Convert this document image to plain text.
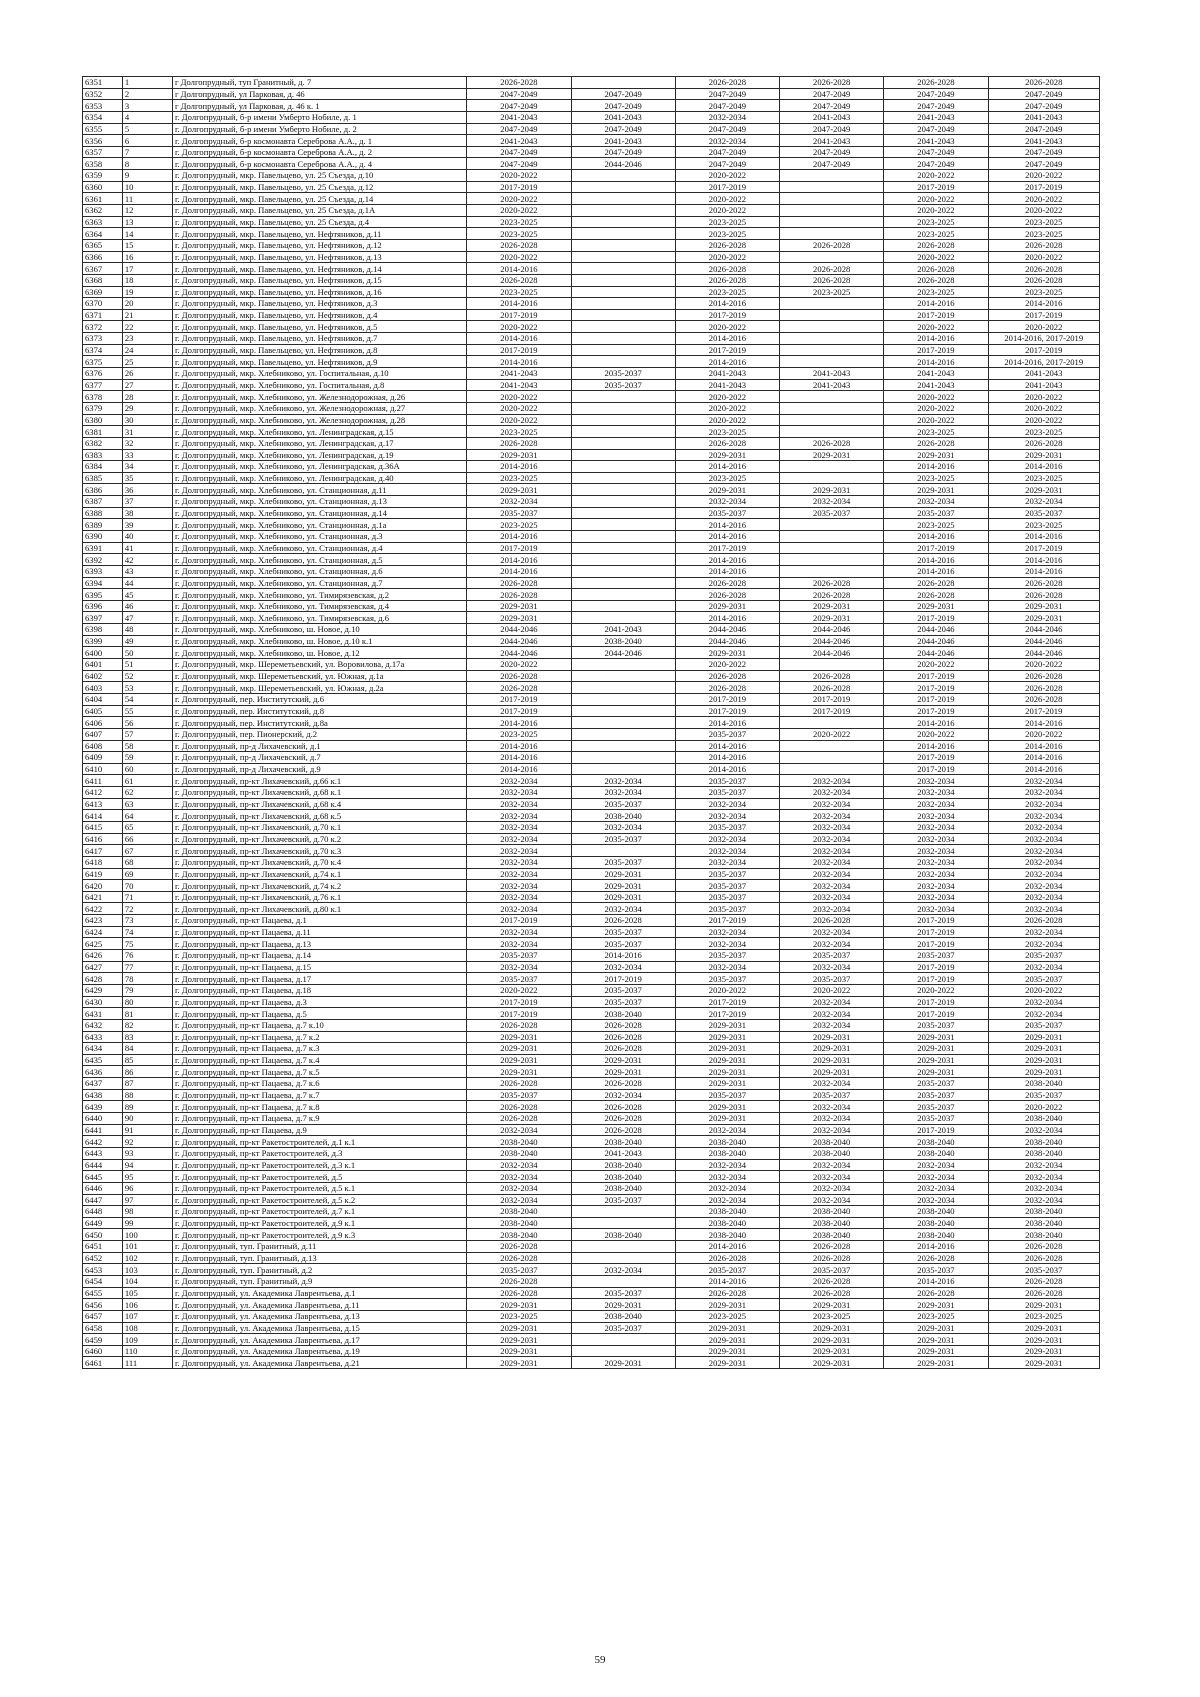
6351	1	г Долгопрудный, туп Гранитный, д. 7	2026-2028		2026-2028	2026-2028	2026-2028	2026-2028
6352	2	г Долгопрудный, ул Парковая, д. 46	2047-2049	2047-2049	2047-2049	2047-2049	2047-2049	2047-2049
6353	3	г Долгопрудный, ул Парковая, д. 46 к. 1	2047-2049	2047-2049	2047-2049	2047-2049	2047-2049	2047-2049
6354	4	г. Долгопрудный, б-р имени Умберто Нобиле, д. 1	2041-2043	2041-2043	2032-2034	2041-2043	2041-2043	2041-2043
6355	5	г. Долгопрудный, б-р имени Умберто Нобиле, д. 2	2047-2049	2047-2049	2047-2049	2047-2049	2047-2049	2047-2049
6356	6	г. Долгопрудный, б-р космонавта Сереброва А.А., д. 1	2041-2043	2041-2043	2032-2034	2041-2043	2041-2043	2041-2043
6357	7	г. Долгопрудный, б-р космонавта Сереброва А.А., д. 2	2047-2049	2047-2049	2047-2049	2047-2049	2047-2049	2047-2049
6358	8	г. Долгопрудный, б-р космонавта Сереброва А.А., д. 4	2047-2049	2044-2046	2047-2049	2047-2049	2047-2049	2047-2049
6359	9	г. Долгопрудный, мкр. Павельцево, ул. 25 Съезда, д.10	2020-2022		2020-2022		2020-2022	2020-2022
6360	10	г. Долгопрудный, мкр. Павельцево, ул. 25 Съезда, д.12	2017-2019		2017-2019		2017-2019	2017-2019
6361	11	г. Долгопрудный, мкр. Павельцево, ул. 25 Съезда, д.14	2020-2022		2020-2022		2020-2022	2020-2022
6362	12	г. Долгопрудный, мкр. Павельцево, ул. 25 Съезда, д.1А	2020-2022		2020-2022		2020-2022	2020-2022
6363	13	г. Долгопрудный, мкр. Павельцево, ул. 25 Съезда, д.4	2023-2025		2023-2025		2023-2025	2023-2025
6364	14	г. Долгопрудный, мкр. Павельцево, ул. Нефтяников, д.11	2023-2025		2023-2025		2023-2025	2023-2025
6365	15	г. Долгопрудный, мкр. Павельцево, ул. Нефтяников, д.12	2026-2028		2026-2028	2026-2028	2026-2028	2026-2028
6366	16	г. Долгопрудный, мкр. Павельцево, ул. Нефтяников, д.13	2020-2022		2020-2022		2020-2022	2020-2022
6367	17	г. Долгопрудный, мкр. Павельцево, ул. Нефтяников, д.14	2014-2016		2026-2028	2026-2028	2026-2028	2026-2028
6368	18	г. Долгопрудный, мкр. Павельцево, ул. Нефтяников, д.15	2026-2028		2026-2028	2026-2028	2026-2028	2026-2028
6369	19	г. Долгопрудный, мкр. Павельцево, ул. Нефтяников, д.16	2023-2025		2023-2025	2023-2025	2023-2025	2023-2025
6370	20	г. Долгопрудный, мкр. Павельцево, ул. Нефтяников, д.3	2014-2016		2014-2016		2014-2016	2014-2016
6371	21	г. Долгопрудный, мкр. Павельцево, ул. Нефтяников, д.4	2017-2019		2017-2019		2017-2019	2017-2019
6372	22	г. Долгопрудный, мкр. Павельцево, ул. Нефтяников, д.5	2020-2022		2020-2022		2020-2022	2020-2022
6373	23	г. Долгопрудный, мкр. Павельцево, ул. Нефтяников, д.7	2014-2016		2014-2016		2014-2016	2014-2016, 2017-2019
6374	24	г. Долгопрудный, мкр. Павельцево, ул. Нефтяников, д.8	2017-2019		2017-2019		2017-2019	2017-2019
6375	25	г. Долгопрудный, мкр. Павельцево, ул. Нефтяников, д.9	2014-2016		2014-2016		2014-2016	2014-2016, 2017-2019
6376	26	г. Долгопрудный, мкр. Хлебниково, ул. Госпитальная, д.10	2041-2043	2035-2037	2041-2043	2041-2043	2041-2043	2041-2043
6377	27	г. Долгопрудный, мкр. Хлебниково, ул. Госпитальная, д.8	2041-2043	2035-2037	2041-2043	2041-2043	2041-2043	2041-2043
6378	28	г. Долгопрудный, мкр. Хлебниково, ул. Железнодорожная, д.26	2020-2022		2020-2022		2020-2022	2020-2022
6379	29	г. Долгопрудный, мкр. Хлебниково, ул. Железнодорожная, д.27	2020-2022		2020-2022		2020-2022	2020-2022
6380	30	г. Долгопрудный, мкр. Хлебниково, ул. Железнодорожная, д.28	2020-2022		2020-2022		2020-2022	2020-2022
6381	31	г. Долгопрудный, мкр. Хлебниково, ул. Ленинградская, д.15	2023-2025		2023-2025		2023-2025	2023-2025
6382	32	г. Долгопрудный, мкр. Хлебниково, ул. Ленинградская, д.17	2026-2028		2026-2028	2026-2028	2026-2028	2026-2028
6383	33	г. Долгопрудный, мкр. Хлебниково, ул. Ленинградская, д.19	2029-2031		2029-2031	2029-2031	2029-2031	2029-2031
6384	34	г. Долгопрудный, мкр. Хлебниково, ул. Ленинградская, д.36А	2014-2016		2014-2016		2014-2016	2014-2016
6385	35	г. Долгопрудный, мкр. Хлебниково, ул. Ленинградская, д.40	2023-2025		2023-2025		2023-2025	2023-2025
6386	36	г. Долгопрудный, мкр. Хлебниково, ул. Станционная, д.11	2029-2031		2029-2031	2029-2031	2029-2031	2029-2031
6387	37	г. Долгопрудный, мкр. Хлебниково, ул. Станционная, д.13	2032-2034		2032-2034	2032-2034	2032-2034	2032-2034
6388	38	г. Долгопрудный, мкр. Хлебниково, ул. Станционная, д.14	2035-2037		2035-2037	2035-2037	2035-2037	2035-2037
6389	39	г. Долгопрудный, мкр. Хлебниково, ул. Станционная, д.1а	2023-2025		2014-2016		2023-2025	2023-2025
6390	40	г. Долгопрудный, мкр. Хлебниково, ул. Станционная, д.3	2014-2016		2014-2016		2014-2016	2014-2016
6391	41	г. Долгопрудный, мкр. Хлебниково, ул. Станционная, д.4	2017-2019		2017-2019		2017-2019	2017-2019
6392	42	г. Долгопрудный, мкр. Хлебниково, ул. Станционная, д.5	2014-2016		2014-2016		2014-2016	2014-2016
6393	43	г. Долгопрудный, мкр. Хлебниково, ул. Станционная, д.6	2014-2016		2014-2016		2014-2016	2014-2016
6394	44	г. Долгопрудный, мкр. Хлебниково, ул. Станционная, д.7	2026-2028		2026-2028	2026-2028	2026-2028	2026-2028
6395	45	г. Долгопрудный, мкр. Хлебниково, ул. Тимирязевская, д.2	2026-2028		2026-2028	2026-2028	2026-2028	2026-2028
6396	46	г. Долгопрудный, мкр. Хлебниково, ул. Тимирязевская, д.4	2029-2031		2029-2031	2029-2031	2029-2031	2029-2031
6397	47	г. Долгопрудный, мкр. Хлебниково, ул. Тимирязевская, д.6	2029-2031		2014-2016	2029-2031	2017-2019	2029-2031
6398	48	г. Долгопрудный, мкр. Хлебниково, ш. Новое, д.10	2044-2046	2041-2043	2044-2046	2044-2046	2044-2046	2044-2046
6399	49	г. Долгопрудный, мкр. Хлебниково, ш. Новое, д.10 к.1	2044-2046	2038-2040	2044-2046	2044-2046	2044-2046	2044-2046
6400	50	г. Долгопрудный, мкр. Хлебниково, ш. Новое, д.12	2044-2046	2044-2046	2029-2031	2044-2046	2044-2046	2044-2046
6401	51	г. Долгопрудный, мкр. Шереметьевский, ул. Воровилова, д.17а	2020-2022		2020-2022		2020-2022	2020-2022
6402	52	г. Долгопрудный, мкр. Шереметьевский, ул. Южная, д.1а	2026-2028		2026-2028	2026-2028	2017-2019	2026-2028
6403	53	г. Долгопрудный, мкр. Шереметьевский, ул. Южная, д.2а	2026-2028		2026-2028	2026-2028	2017-2019	2026-2028
6404	54	г. Долгопрудный, пер. Институтский, д.6	2017-2019		2017-2019	2017-2019	2017-2019	2026-2028
6405	55	г. Долгопрудный, пер. Институтский, д.8	2017-2019		2017-2019	2017-2019	2017-2019	2017-2019
6406	56	г. Долгопрудный, пер. Институтский, д.8а	2014-2016		2014-2016		2014-2016	2014-2016
6407	57	г. Долгопрудный, пер. Пионерский, д.2	2023-2025		2035-2037	2020-2022	2020-2022	2020-2022
6408	58	г. Долгопрудный, пр-д Лихачевский, д.1	2014-2016		2014-2016		2014-2016	2014-2016
6409	59	г. Долгопрудный, пр-д Лихачевский, д.7	2014-2016		2014-2016		2017-2019	2014-2016
6410	60	г. Долгопрудный, пр-д Лихачевский, д.9	2014-2016		2014-2016		2017-2019	2014-2016
6411	61	г. Долгопрудный, пр-кт Лихачевский, д.66 к.1	2032-2034	2032-2034	2035-2037	2032-2034	2032-2034	2032-2034
6412	62	г. Долгопрудный, пр-кт Лихачевский, д.68 к.1	2032-2034	2032-2034	2035-2037	2032-2034	2032-2034	2032-2034
6413	63	г. Долгопрудный, пр-кт Лихачевский, д.68 к.4	2032-2034	2035-2037	2032-2034	2032-2034	2032-2034	2032-2034
6414	64	г. Долгопрудный, пр-кт Лихачевский, д.68 к.5	2032-2034	2038-2040	2032-2034	2032-2034	2032-2034	2032-2034
6415	65	г. Долгопрудный, пр-кт Лихачевский, д.70 к.1	2032-2034	2032-2034	2035-2037	2032-2034	2032-2034	2032-2034
6416	66	г. Долгопрудный, пр-кт Лихачевский, д.70 к.2	2032-2034	2035-2037	2032-2034	2032-2034	2032-2034	2032-2034
6417	67	г. Долгопрудный, пр-кт Лихачевский, д.70 к.3	2032-2034		2032-2034	2032-2034	2032-2034	2032-2034
6418	68	г. Долгопрудный, пр-кт Лихачевский, д.70 к.4	2032-2034	2035-2037	2032-2034	2032-2034	2032-2034	2032-2034
6419	69	г. Долгопрудный, пр-кт Лихачевский, д.74 к.1	2032-2034	2029-2031	2035-2037	2032-2034	2032-2034	2032-2034
6420	70	г. Долгопрудный, пр-кт Лихачевский, д.74 к.2	2032-2034	2029-2031	2035-2037	2032-2034	2032-2034	2032-2034
6421	71	г. Долгопрудный, пр-кт Лихачевский, д.76 к.1	2032-2034	2029-2031	2035-2037	2032-2034	2032-2034	2032-2034
6422	72	г. Долгопрудный, пр-кт Лихачевский, д.80 к.1	2032-2034	2032-2034	2035-2037	2032-2034	2032-2034	2032-2034
6423	73	г. Долгопрудный, пр-кт Пацаева, д.1	2017-2019	2026-2028	2017-2019	2026-2028	2017-2019	2026-2028
6424	74	г. Долгопрудный, пр-кт Пацаева, д.11	2032-2034	2035-2037	2032-2034	2032-2034	2017-2019	2032-2034
6425	75	г. Долгопрудный, пр-кт Пацаева, д.13	2032-2034	2035-2037	2032-2034	2032-2034	2017-2019	2032-2034
6426	76	г. Долгопрудный, пр-кт Пацаева, д.14	2035-2037	2014-2016	2035-2037	2035-2037	2035-2037	2035-2037
6427	77	г. Долгопрудный, пр-кт Пацаева, д.15	2032-2034	2032-2034	2032-2034	2032-2034	2017-2019	2032-2034
6428	78	г. Долгопрудный, пр-кт Пацаева, д.17	2035-2037	2017-2019	2035-2037	2035-2037	2017-2019	2035-2037
6429	79	г. Долгопрудный, пр-кт Пацаева, д.18	2020-2022	2035-2037	2020-2022	2020-2022	2020-2022	2020-2022
6430	80	г. Долгопрудный, пр-кт Пацаева, д.3	2017-2019	2035-2037	2017-2019	2032-2034	2017-2019	2032-2034
6431	81	г. Долгопрудный, пр-кт Пацаева, д.5	2017-2019	2038-2040	2017-2019	2032-2034	2017-2019	2032-2034
6432	82	г. Долгопрудный, пр-кт Пацаева, д.7 к.10	2026-2028	2026-2028	2029-2031	2032-2034	2035-2037	2035-2037
6433	83	г. Долгопрудный, пр-кт Пацаева, д.7 к.2	2029-2031	2026-2028	2029-2031	2029-2031	2029-2031	2029-2031
6434	84	г. Долгопрудный, пр-кт Пацаева, д.7 к.3	2029-2031	2026-2028	2029-2031	2029-2031	2029-2031	2029-2031
6435	85	г. Долгопрудный, пр-кт Пацаева, д.7 к.4	2029-2031	2029-2031	2029-2031	2029-2031	2029-2031	2029-2031
6436	86	г. Долгопрудный, пр-кт Пацаева, д.7 к.5	2029-2031	2029-2031	2029-2031	2029-2031	2029-2031	2029-2031
6437	87	г. Долгопрудный, пр-кт Пацаева, д.7 к.6	2026-2028	2026-2028	2029-2031	2032-2034	2035-2037	2038-2040
6438	88	г. Долгопрудный, пр-кт Пацаева, д.7 к.7	2035-2037	2032-2034	2035-2037	2035-2037	2035-2037	2035-2037
6439	89	г. Долгопрудный, пр-кт Пацаева, д.7 к.8	2026-2028	2026-2028	2029-2031	2032-2034	2035-2037	2020-2022
6440	90	г. Долгопрудный, пр-кт Пацаева, д.7 к.9	2026-2028	2026-2028	2029-2031	2032-2034	2035-2037	2038-2040
6441	91	г. Долгопрудный, пр-кт Пацаева, д.9	2032-2034	2026-2028	2032-2034	2032-2034	2017-2019	2032-2034
6442	92	г. Долгопрудный, пр-кт Ракетостроителей, д.1 к.1	2038-2040	2038-2040	2038-2040	2038-2040	2038-2040	2038-2040
6443	93	г. Долгопрудный, пр-кт Ракетостроителей, д.3	2038-2040	2041-2043	2038-2040	2038-2040	2038-2040	2038-2040
6444	94	г. Долгопрудный, пр-кт Ракетостроителей, д.3 к.1	2032-2034	2038-2040	2032-2034	2032-2034	2032-2034	2032-2034
6445	95	г. Долгопрудный, пр-кт Ракетостроителей, д.5	2032-2034	2038-2040	2032-2034	2032-2034	2032-2034	2032-2034
6446	96	г. Долгопрудный, пр-кт Ракетостроителей, д.5 к.1	2032-2034	2038-2040	2032-2034	2032-2034	2032-2034	2032-2034
6447	97	г. Долгопрудный, пр-кт Ракетостроителей, д.5 к.2	2032-2034	2035-2037	2032-2034	2032-2034	2032-2034	2032-2034
6448	98	г. Долгопрудный, пр-кт Ракетостроителей, д.7 к.1	2038-2040		2038-2040	2038-2040	2038-2040	2038-2040
6449	99	г. Долгопрудный, пр-кт Ракетостроителей, д.9 к.1	2038-2040		2038-2040	2038-2040	2038-2040	2038-2040
6450	100	г. Долгопрудный, пр-кт Ракетостроителей, д.9 к.3	2038-2040	2038-2040	2038-2040	2038-2040	2038-2040	2038-2040
6451	101	г. Долгопрудный, туп. Гранитный, д.11	2026-2028		2014-2016	2026-2028	2014-2016	2026-2028
6452	102	г. Долгопрудный, туп. Гранитный, д.13	2026-2028		2026-2028	2026-2028	2026-2028	2026-2028
6453	103	г. Долгопрудный, туп. Гранитный, д.2	2035-2037	2032-2034	2035-2037	2035-2037	2035-2037	2035-2037
6454	104	г. Долгопрудный, туп. Гранитный, д.9	2026-2028		2014-2016	2026-2028	2014-2016	2026-2028
6455	105	г. Долгопрудный, ул. Академика Лаврентьева, д.1	2026-2028	2035-2037	2026-2028	2026-2028	2026-2028	2026-2028
6456	106	г. Долгопрудный, ул. Академика Лаврентьева, д.11	2029-2031	2029-2031	2029-2031	2029-2031	2029-2031	2029-2031
6457	107	г. Долгопрудный, ул. Академика Лаврентьева, д.13	2023-2025	2038-2040	2023-2025	2023-2025	2023-2025	2023-2025
6458	108	г. Долгопрудный, ул. Академика Лаврентьева, д.15	2029-2031	2035-2037	2029-2031	2029-2031	2029-2031	2029-2031
6459	109	г. Долгопрудный, ул. Академика Лаврентьева, д.17	2029-2031		2029-2031	2029-2031	2029-2031	2029-2031
6460	110	г. Долгопрудный, ул. Академика Лаврентьева, д.19	2029-2031		2029-2031	2029-2031	2029-2031	2029-2031
6461	111	г. Долгопрудный, ул. Академика Лаврентьева, д.21	2029-2031	2029-2031	2029-2031	2029-2031	2029-2031	2029-2031
59
